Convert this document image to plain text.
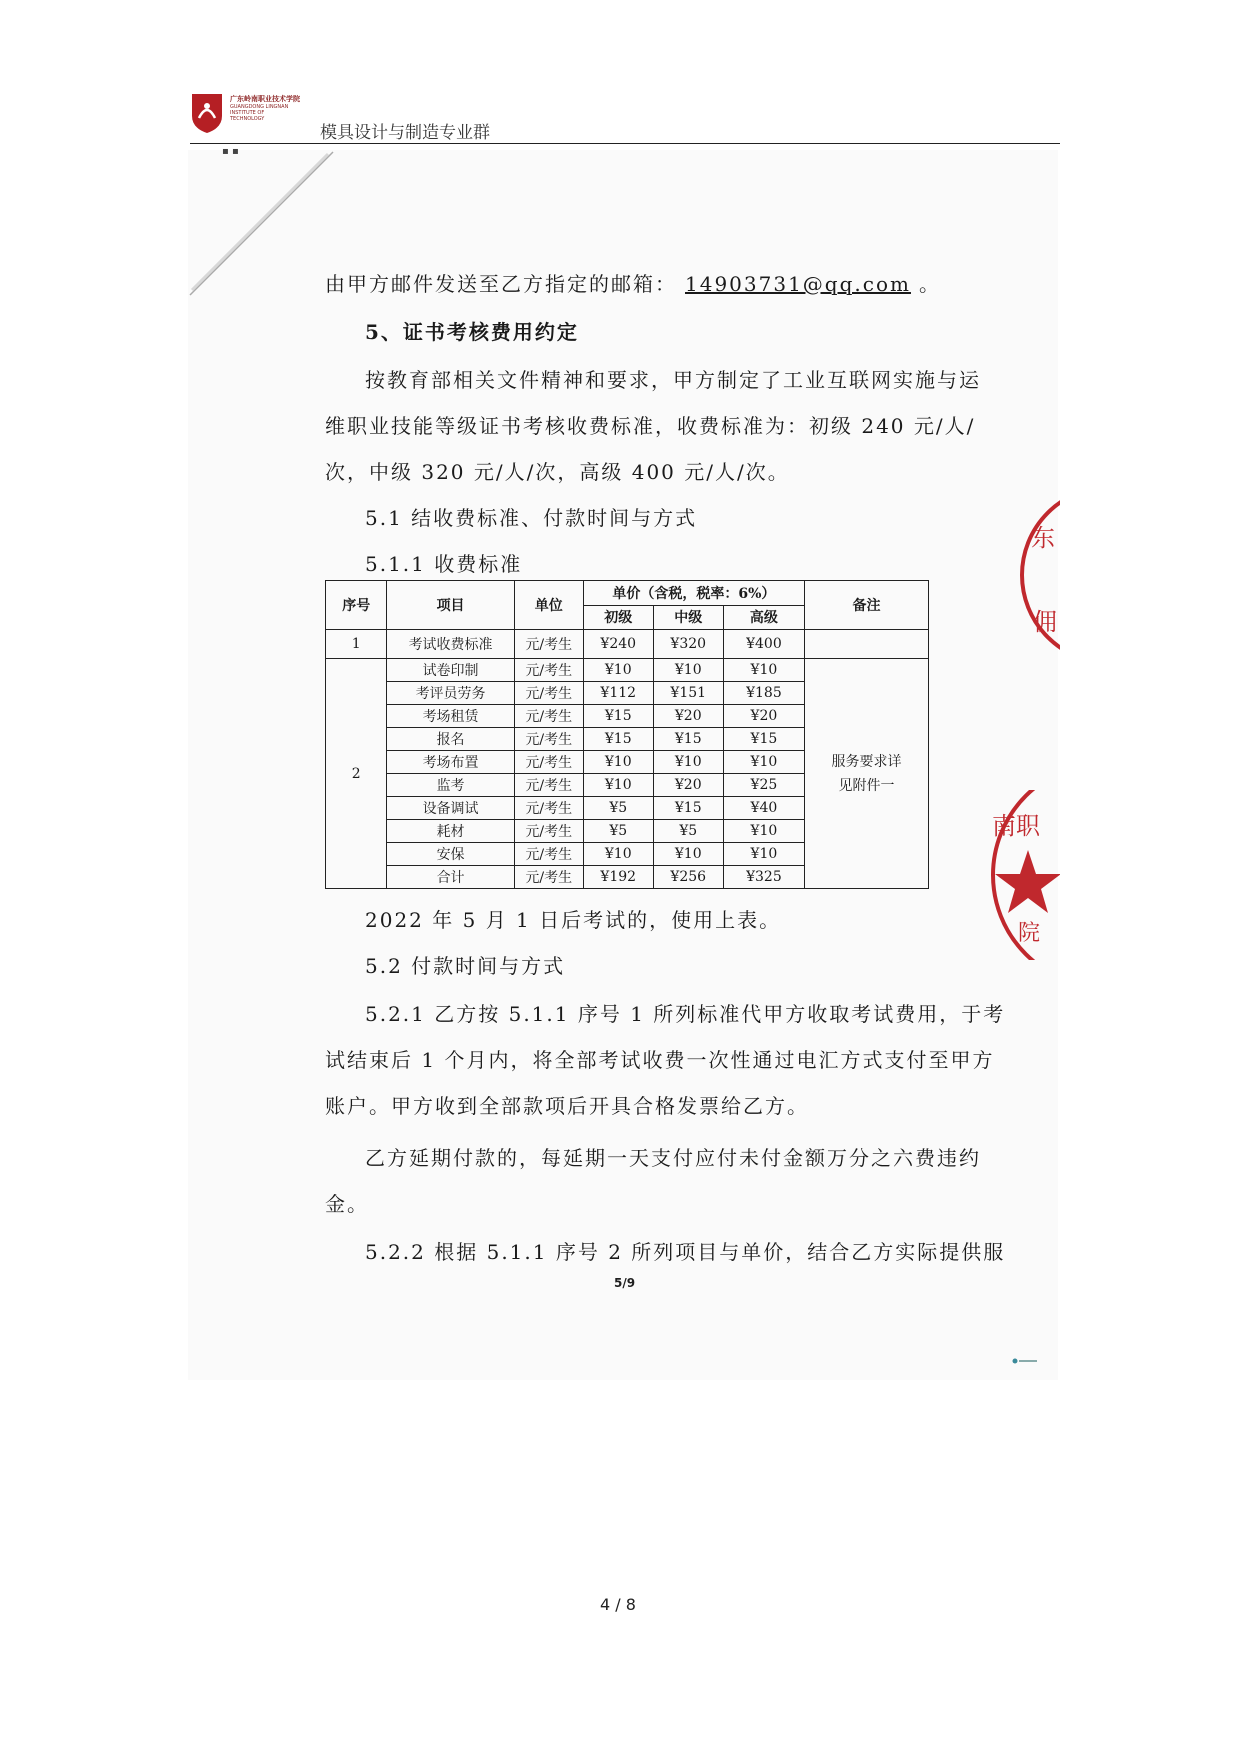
广东岭南职业技术学院
GUANGDONG LINGNAN INSTITUTE OF TECHNOLOGY
模具设计与制造专业群
▪ ▪
由甲方邮件发送至乙方指定的邮箱： 14903731@qq.com 。
5、证书考核费用约定
按教育部相关文件精神和要求，甲方制定了工业互联网实施与运
维职业技能等级证书考核收费标准，收费标准为：初级 240 元/人/
次，中级 320 元/人/次，高级 400 元/人/次。
5.1 结收费标准、付款时间与方式
5.1.1 收费标准
序号	项目	单位	单价（含税，税率：6%）			备注
			初级	中级	高级	
1	考试收费标准	元/考生	¥240	¥320	¥400	
2	试卷印制	元/考生	¥10	¥10	¥10	服务要求详见附件一
	考评员劳务	元/考生	¥112	¥151	¥185	
	考场租赁	元/考生	¥15	¥20	¥20	
	报名	元/考生	¥15	¥15	¥15	
	考场布置	元/考生	¥10	¥10	¥10	
	监考	元/考生	¥10	¥20	¥25	
	设备调试	元/考生	¥5	¥15	¥40	
	耗材	元/考生	¥5	¥5	¥10	
	安保	元/考生	¥10	¥10	¥10	
	合计	元/考生	¥192	¥256	¥325	
2022 年 5 月 1 日后考试的，使用上表。
5.2 付款时间与方式
5.2.1 乙方按 5.1.1 序号 1 所列标准代甲方收取考试费用，于考
试结束后 1 个月内，将全部考试收费一次性通过电汇方式支付至甲方
账户。甲方收到全部款项后开具合格发票给乙方。
乙方延期付款的，每延期一天支付应付未付金额万分之六费违约
金。
5.2.2 根据 5.1.1 序号 2 所列项目与单价，结合乙方实际提供服
5/9
东
佣
南职
院
4 / 8
